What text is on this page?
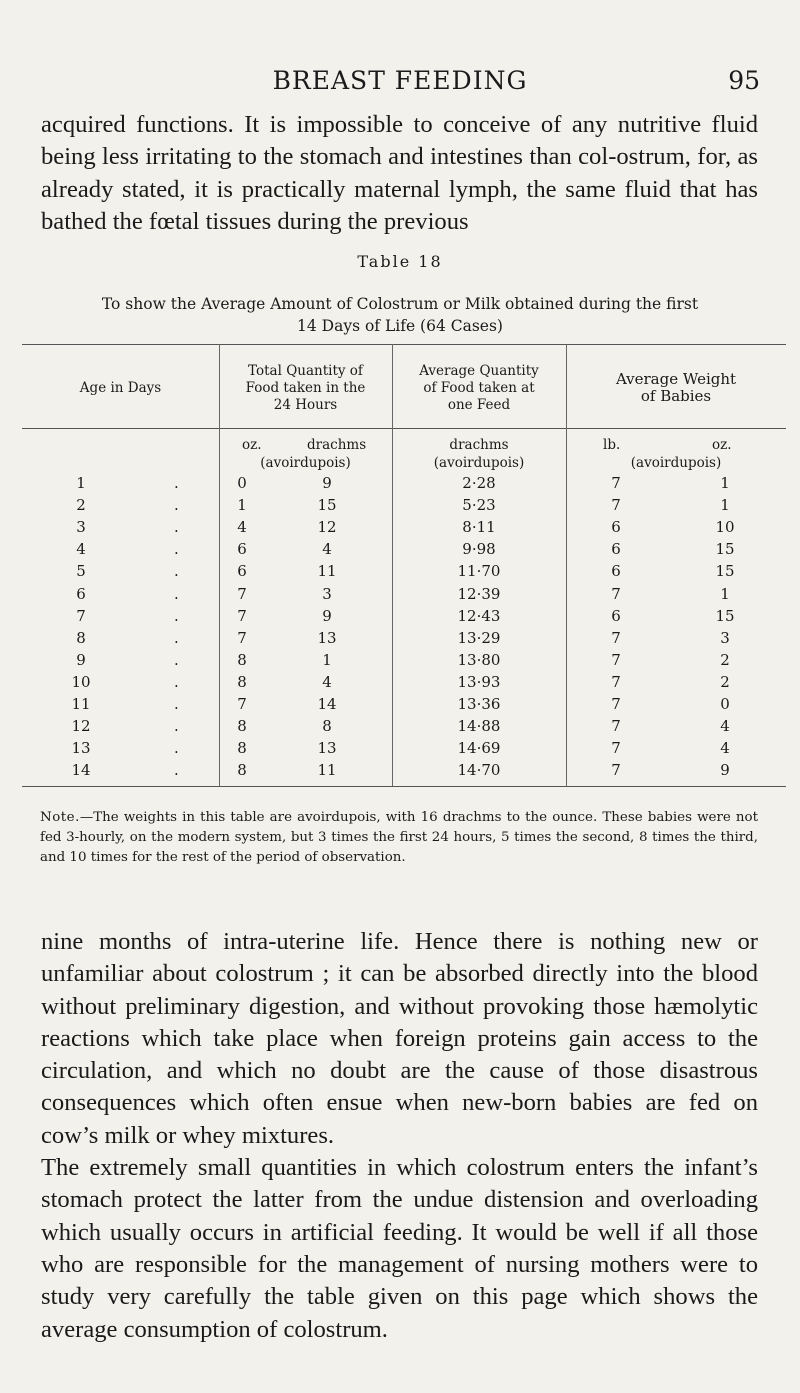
BREAST FEEDING	95

acquired functions. It is impossible to conceive of any nutritive fluid being less irritating to the stomach and intestines than col-ostrum, for, as already stated, it is practically maternal lymph, the same fluid that has bathed the fœtal tissues during the previous

Table 18
To show the Average Amount of Colostrum or Milk obtained during the first
14 Days of Life (64 Cases)
Age in Days
Total Quantity of
Food taken in the
24 Hours
Average Quantity
of Food taken at
one Feed
Average Weight
of Babies
oz.	drachms
(avoirdupois)
drachms
(avoirdupois)
lb.	oz.
(avoirdupois)
1	.	0	9	2·28	7	1
2	.	1	15	5·23	7	1
3	.	4	12	8·11	6	10
4	.	6	4	9·98	6	15
5	.	6	11	11·70	6	15
6	.	7	3	12·39	7	1
7	.	7	9	12·43	6	15
8	.	7	13	13·29	7	3
9	.	8	1	13·80	7	2
10	.	8	4	13·93	7	2
11	.	7	14	13·36	7	0
12	.	8	8	14·88	7	4
13	.	8	13	14·69	7	4
14	.	8	11	14·70	7	9

Note.—The weights in this table are avoirdupois, with 16 drachms to the ounce. These babies were not fed 3-hourly, on the modern system, but 3 times the first 24 hours, 5 times the second, 8 times the third, and 10 times for the rest of the period of observation.

nine months of intra-uterine life. Hence there is nothing new or unfamiliar about colostrum ; it can be absorbed directly into the blood without preliminary digestion, and without provoking those hæmolytic reactions which take place when foreign proteins gain access to the circulation, and which no doubt are the cause of those disastrous consequences which often ensue when new-born babies are fed on cow’s milk or whey mixtures.
The extremely small quantities in which colostrum enters the infant’s stomach protect the latter from the undue distension and overloading which usually occurs in artificial feeding. It would be well if all those who are responsible for the management of nursing mothers were to study very carefully the table given on this page which shows the average consumption of colostrum.
